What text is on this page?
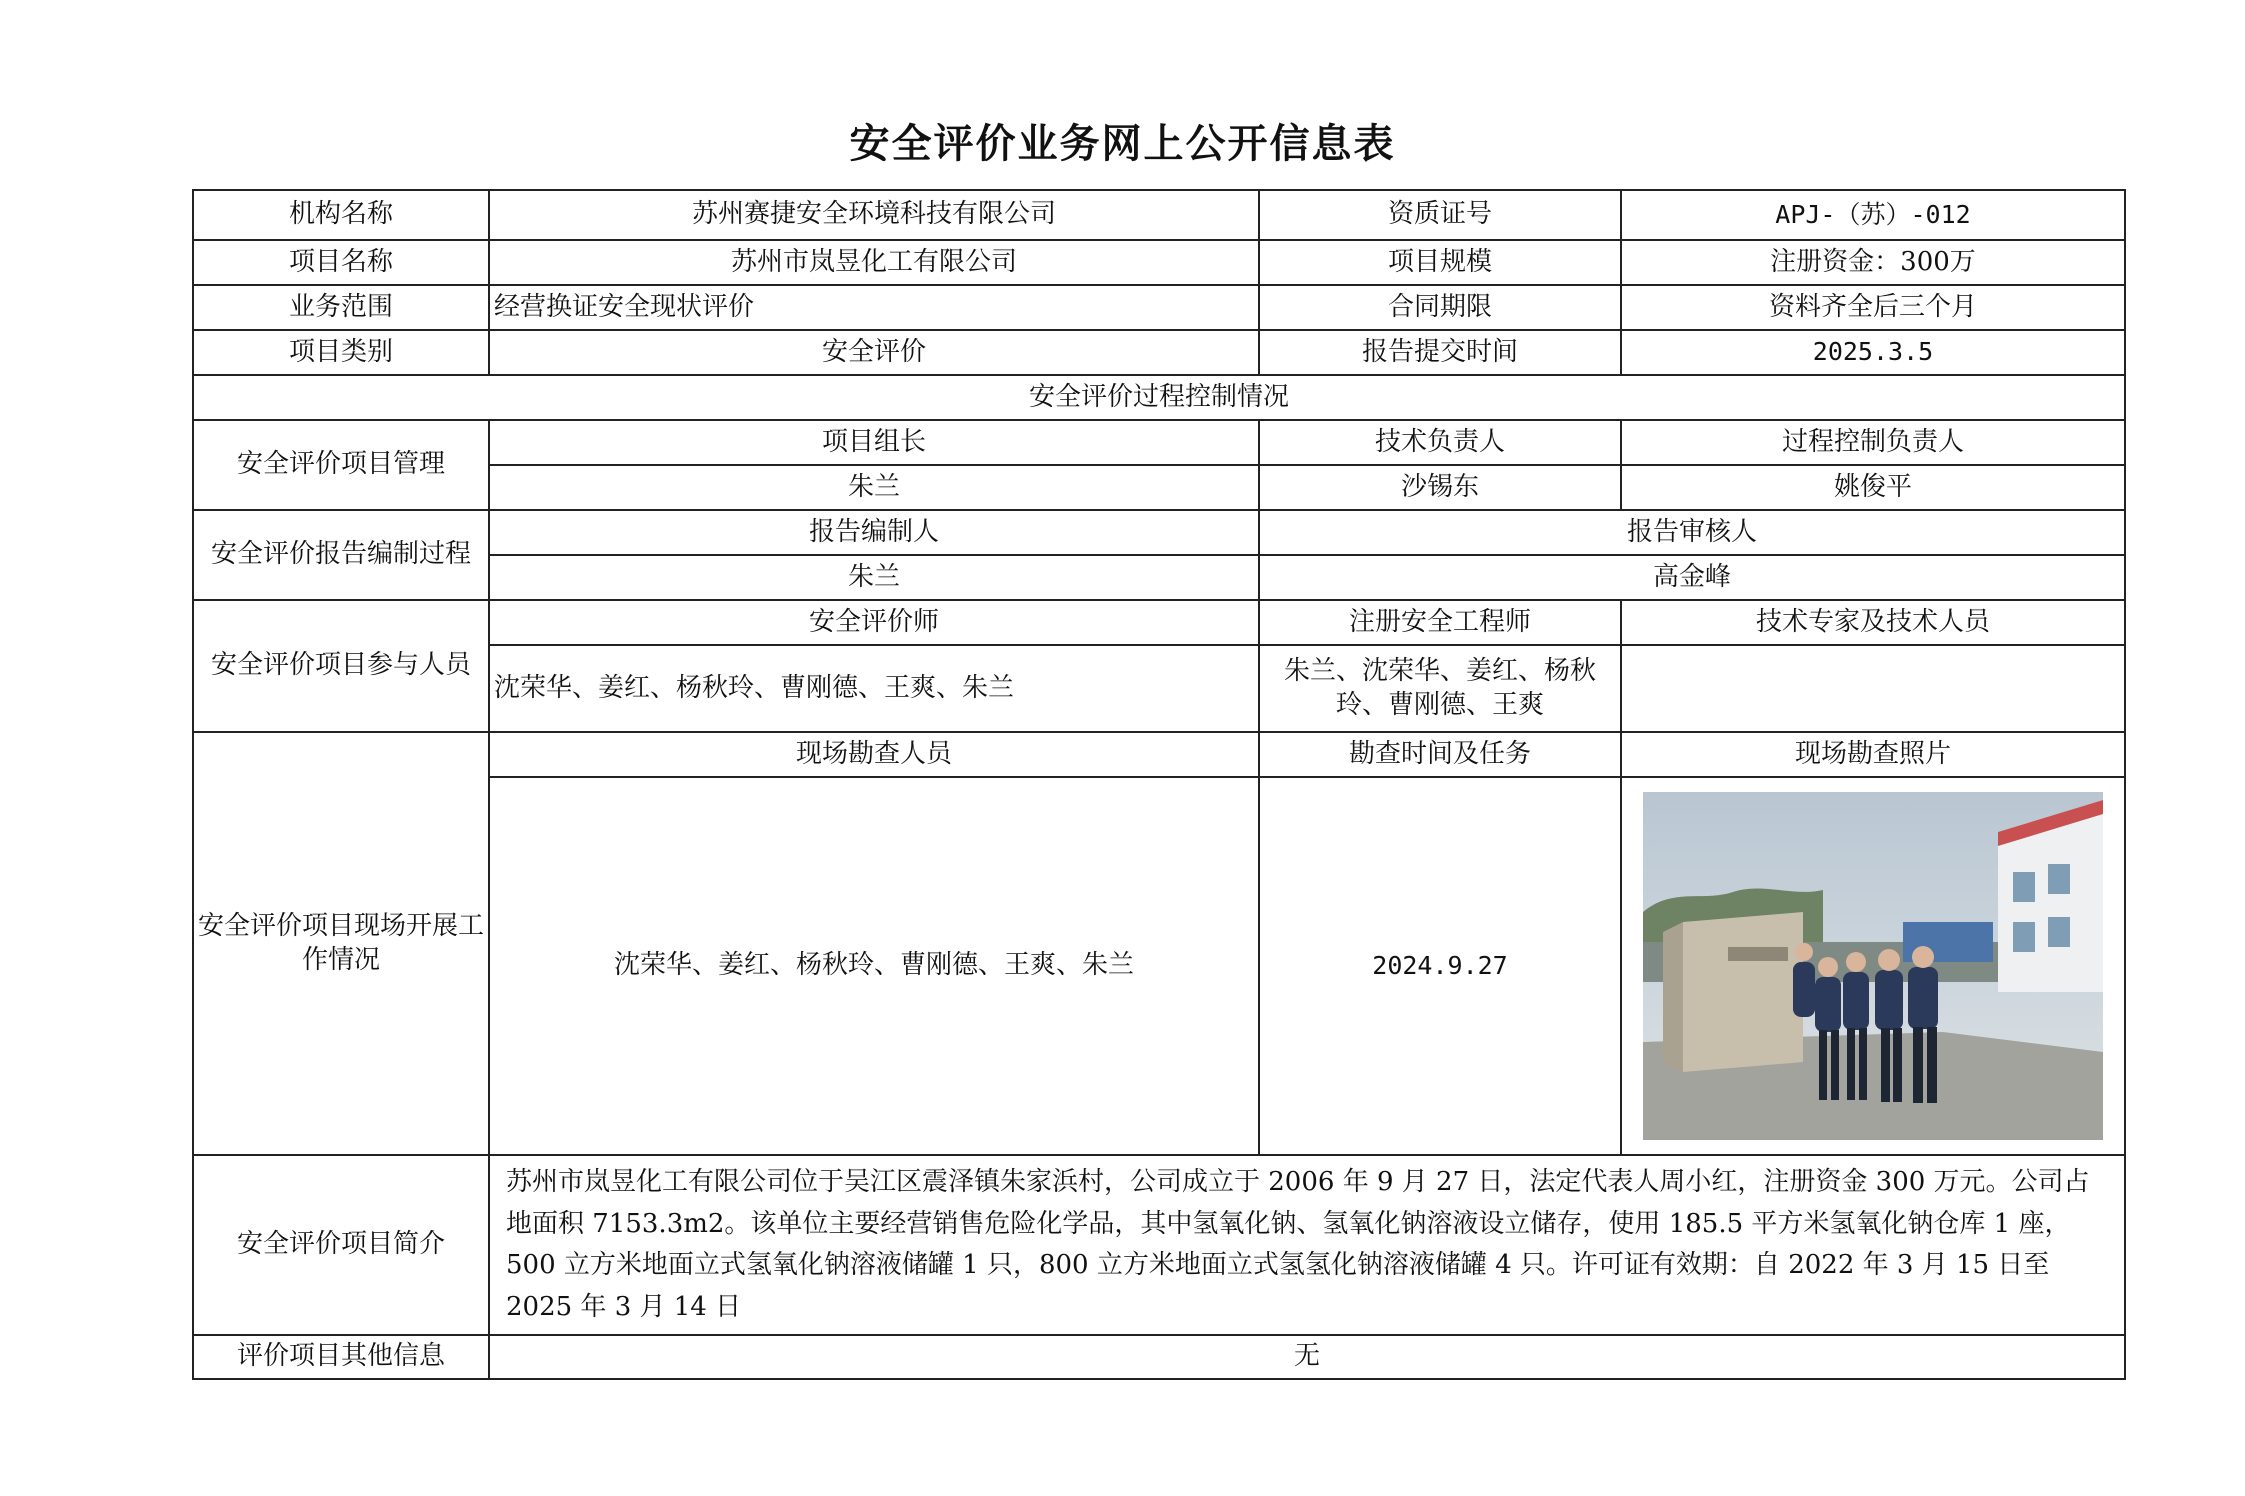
安全评价业务网上公开信息表
机构名称	苏州赛捷安全环境科技有限公司	资质证号	APJ-（苏）-012
项目名称	苏州市岚昱化工有限公司	项目规模	注册资金：300万
业务范围	经营换证安全现状评价	合同期限	资料齐全后三个月
项目类别	安全评价	报告提交时间	2025.3.5
安全评价过程控制情况			
安全评价项目管理	项目组长	技术负责人	过程控制负责人
	朱兰	沙锡东	姚俊平
安全评价报告编制过程	报告编制人	报告审核人	
	朱兰	高金峰	
安全评价项目参与人员	安全评价师	注册安全工程师	技术专家及技术人员
	沈荣华、姜红、杨秋玲、曹刚德、王爽、朱兰	朱兰、沈荣华、姜红、杨秋玲、曹刚德、王爽	
安全评价项目现场开展工作情况	现场勘查人员	勘查时间及任务	现场勘查照片
	沈荣华、姜红、杨秋玲、曹刚德、王爽、朱兰	2024.9.27	

安全评价项目简介	苏州市岚昱化工有限公司位于吴江区震泽镇朱家浜村，公司成立于 2006 年 9 月 27 日，法定代表人周小红，注册资金 300 万元。公司占地面积 7153.3m2。该单位主要经营销售危险化学品，其中氢氧化钠、氢氧化钠溶液设立储存，使用 185.5 平方米氢氧化钠仓库 1 座，500 立方米地面立式氢氧化钠溶液储罐 1 只，800 立方米地面立式氢氢化钠溶液储罐 4 只。许可证有效期：自 2022 年 3 月 15 日至 2025 年 3 月 14 日		
评价项目其他信息	无		
